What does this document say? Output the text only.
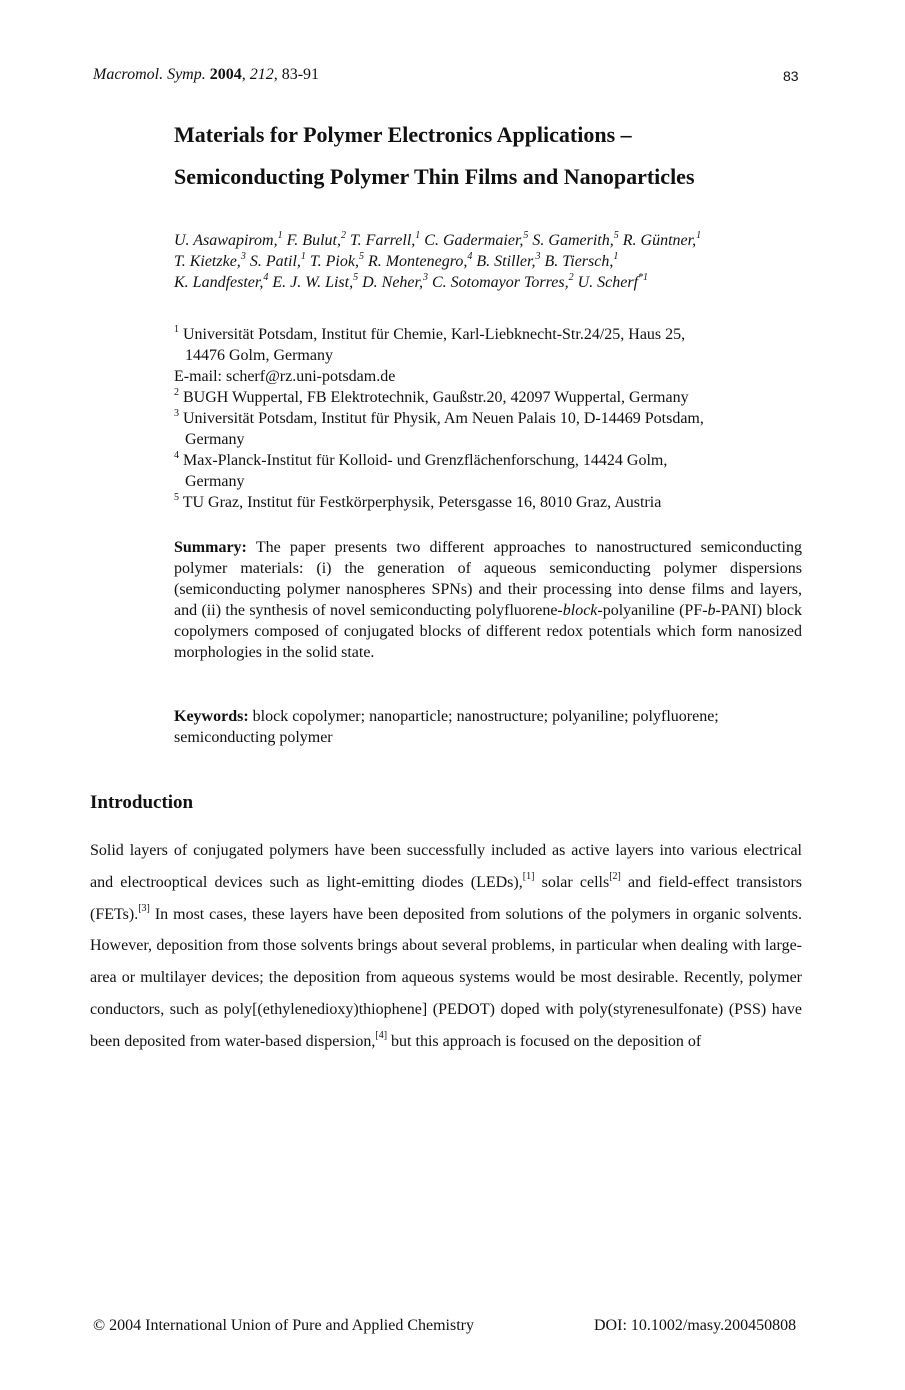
Macromol. Symp. 2004, 212, 83-91	83
Materials for Polymer Electronics Applications –
Semiconducting Polymer Thin Films and Nanoparticles
U. Asawapirom,$^1$ F. Bulut,$^2$ T. Farrell,$^1$ C. Gadermaier,$^5$ S. Gamerith,$^5$ R. Güntner,$^1$
T. Kietzke,$^3$ S. Patil,$^1$ T. Piok,$^5$ R. Montenegro,$^4$ B. Stiller,$^3$ B. Tiersch,$^1$
K. Landfester,$^4$ E. J. W. List,$^5$ D. Neher,$^3$ C. Sotomayor Torres,$^2$ U. Scherf$^{*1}$
$^1$ Universität Potsdam, Institut für Chemie, Karl-Liebknecht-Str.24/25, Haus 25,
14476 Golm, Germany
E-mail: scherf@rz.uni-potsdam.de
$^2$ BUGH Wuppertal, FB Elektrotechnik, Gaußstr.20, 42097 Wuppertal, Germany
$^3$ Universität Potsdam, Institut für Physik, Am Neuen Palais 10, D-14469 Potsdam,
Germany
$^4$ Max-Planck-Institut für Kolloid- und Grenzflächenforschung, 14424 Golm,
Germany
$^5$ TU Graz, Institut für Festkörperphysik, Petersgasse 16, 8010 Graz, Austria
Summary: The paper presents two different approaches to nanostructured semiconducting polymer materials: (i) the generation of aqueous semiconducting polymer dispersions (semiconducting polymer nanospheres SPNs) and their processing into dense films and layers, and (ii) the synthesis of novel semiconducting polyfluorene-block-polyaniline (PF-b-PANI) block copolymers composed of conjugated blocks of different redox potentials which form nanosized morphologies in the solid state.
Keywords: block copolymer; nanoparticle; nanostructure; polyaniline; polyfluorene; semiconducting polymer
Introduction

Solid layers of conjugated polymers have been successfully included as active layers into various electrical and electrooptical devices such as light-emitting diodes (LEDs),[1] solar cells[2] and field-effect transistors (FETs).[3] In most cases, these layers have been deposited from solutions of the polymers in organic solvents. However, deposition from those solvents brings about several problems, in particular when dealing with large-area or multilayer devices; the deposition from aqueous systems would be most desirable. Recently, polymer conductors, such as poly[(ethylenedioxy)thiophene] (PEDOT) doped with poly(styrenesulfonate) (PSS) have been deposited from water-based dispersion,[4] but this approach is focused on the deposition of

© 2004 International Union of Pure and Applied Chemistry	DOI: 10.1002/masy.200450808
